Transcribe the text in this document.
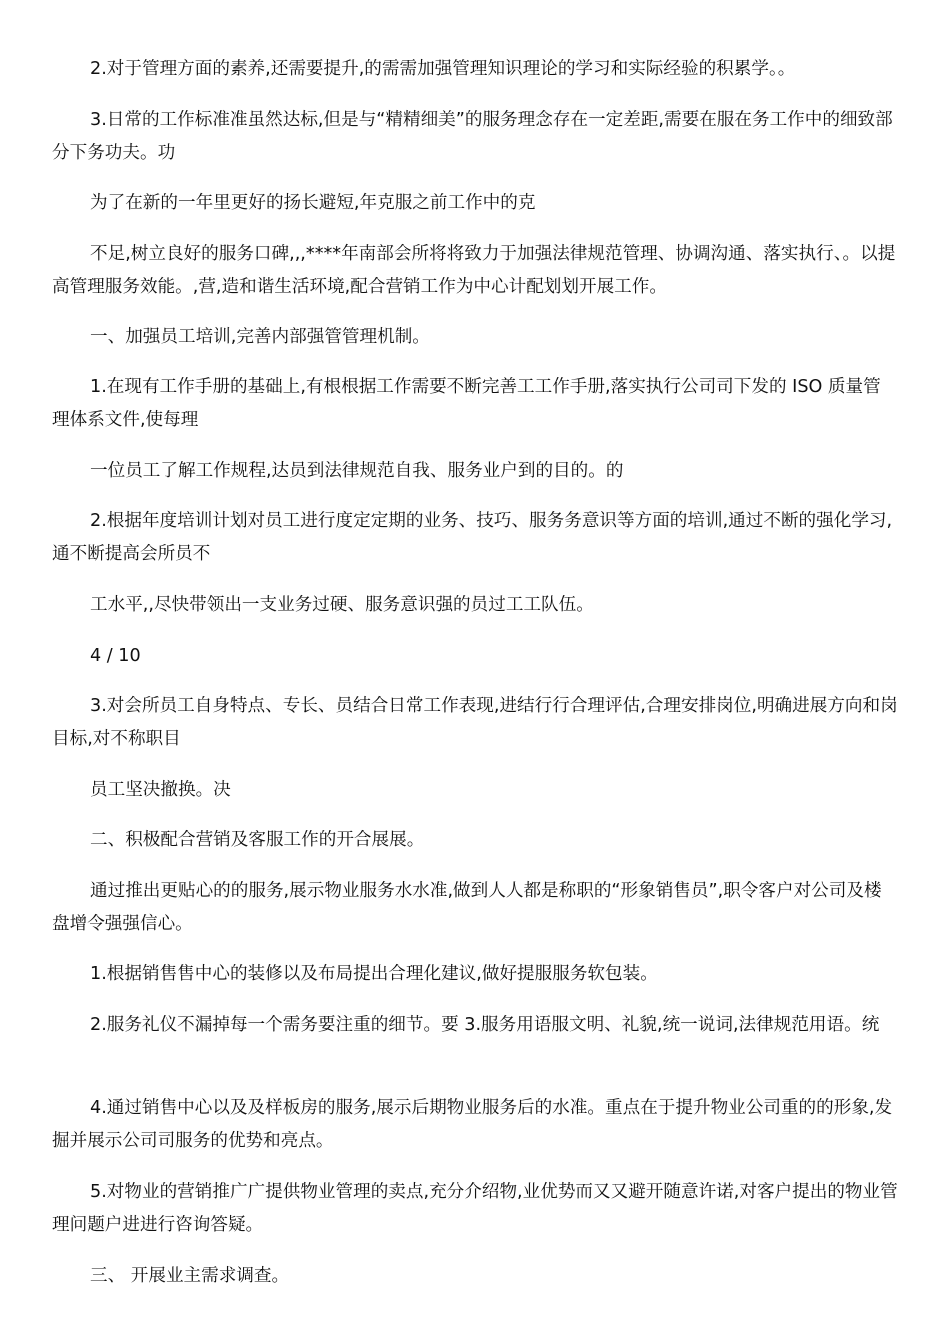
2.对于管理方面的素养,还需要提升,的需需加强管理知识理论的学习和实际经验的积累学。。

3.日常的工作标准准虽然达标,但是与“精精细美”的服务理念存在一定差距,需要在服在务工作中的细致部分下务功夫。功

为了在新的一年里更好的扬长避短,年克服之前工作中的克

不足,树立良好的服务口碑,,,****年南部会所将将致力于加强法律规范管理、协调沟通、落实执行、。以提高管理服务效能。,营,造和谐生活环境,配合营销工作为中心计配划划开展工作。

一、加强员工培训,完善内部强管管理机制。

1.在现有工作手册的基础上,有根根据工作需要不断完善工工作手册,落实执行公司司下发的 ISO 质量管理体系文件,使每理

一位员工了解工作规程,达员到法律规范自我、服务业户到的目的。的

2.根据年度培训计划对员工进行度定定期的业务、技巧、服务务意识等方面的培训,通过不断的强化学习,通不断提高会所员不

工水平,,尽快带领出一支业务过硬、服务意识强的员过工工队伍。

4 / 10

3.对会所员工自身特点、专长、员结合日常工作表现,进结行行合理评估,合理安排岗位,明确进展方向和岗目标,对不称职目

员工坚决撤换。决

二、积极配合营销及客服工作的开合展展。

通过推出更贴心的的服务,展示物业服务水水准,做到人人都是称职的“形象销售员”,职令客户对公司及楼盘增令强强信心。

1.根据销售售中心的装修以及布局提出合理化建议,做好提服服务软包装。

2.服务礼仪不漏掉每一个需务要注重的细节。要 3.服务用语服文明、礼貌,统一说词,法律规范用语。统

4.通过销售中心以及及样板房的服务,展示后期物业服务后的水准。重点在于提升物业公司重的的形象,发掘并展示公司司服务的优势和亮点。

5.对物业的营销推广广提供物业管理的卖点,充分介绍物,业优势而又又避开随意许诺,对客户提出的物业管理问题户进进行咨询答疑。

三、 开展业主需求调查。
